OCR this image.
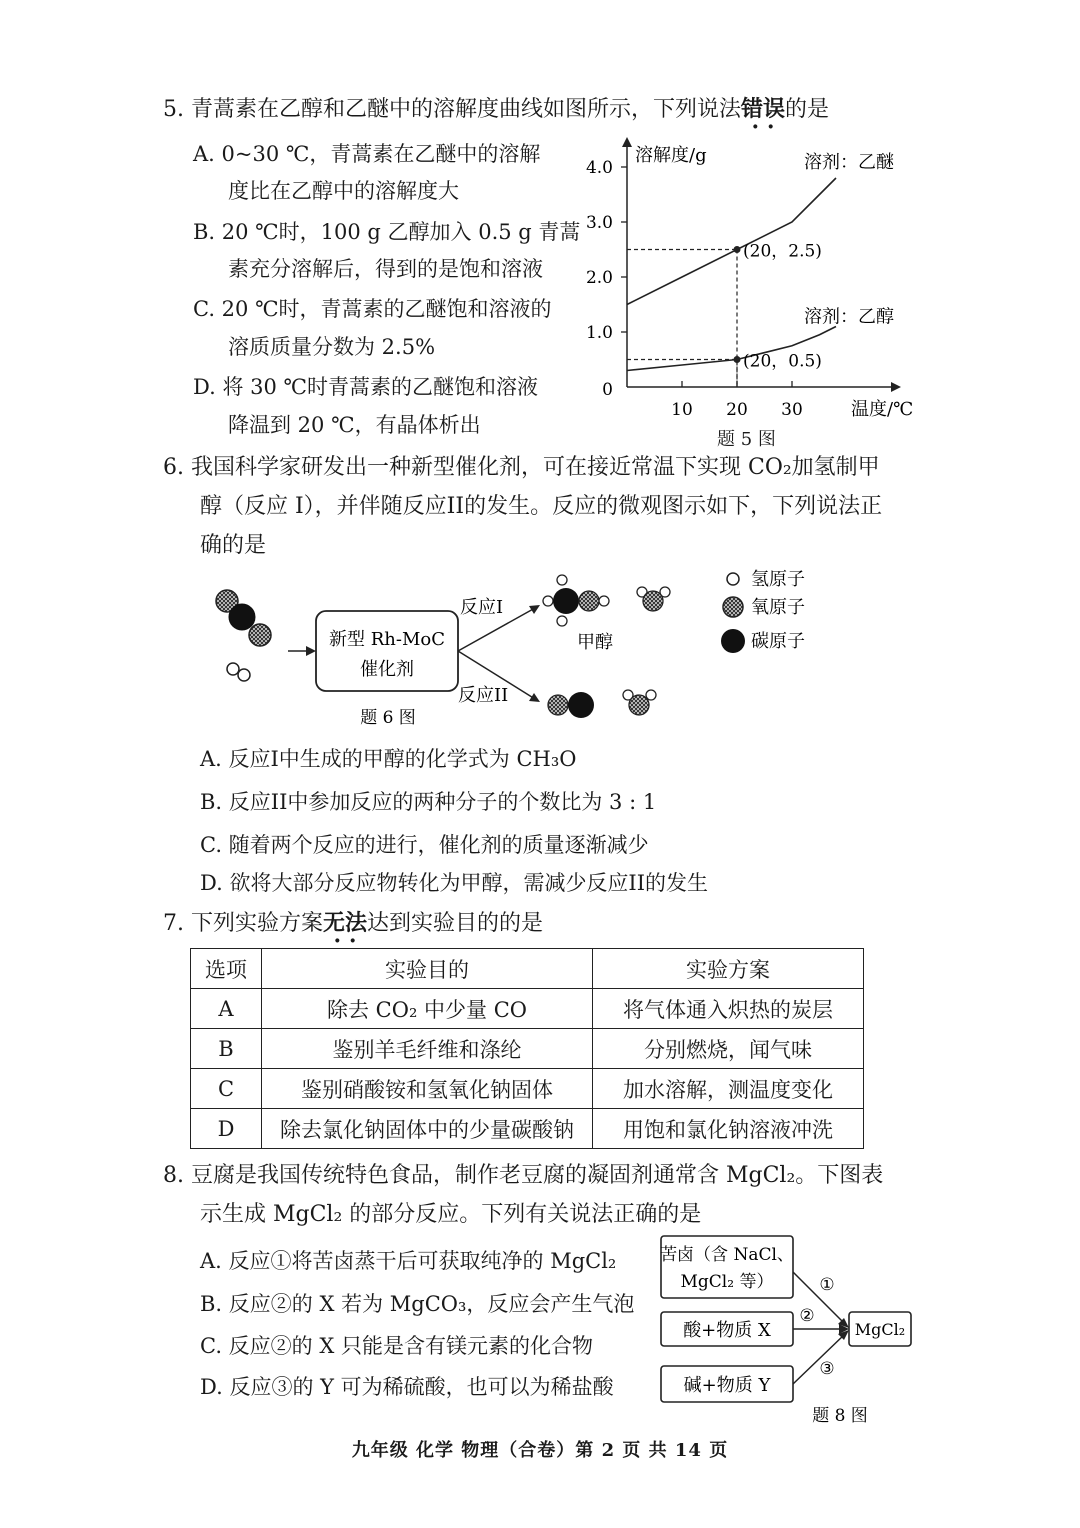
5. 青蒿素在乙醇和乙醚中的溶解度曲线如图所示，下列说法错误 · ·的是
A. 0~30 ℃，青蒿素在乙醚中的溶解
度比在乙醇中的溶解度大
B. 20 ℃时，100 g 乙醇加入 0.5 g 青蒿
素充分溶解后，得到的是饱和溶液
C. 20 ℃时，青蒿素的乙醚饱和溶液的
溶质质量分数为 2.5%
D. 将 30 ℃时青蒿素的乙醚饱和溶液
降温到 20 ℃，有晶体析出
溶解度/g
温度/℃
0
1.0
2.0
3.0
4.0
10 20 30
溶剂：乙醚
溶剂：乙醇
(20，2.5)
(20，0.5)
题 5 图
6. 我国科学家研发出一种新型催化剂，可在接近常温下实现 CO₂加氢制甲
醇（反应 I），并伴随反应II的发生。反应的微观图示如下，下列说法正
确的是
新型 Rh-MoC
催化剂
反应I
反应II
甲醇
氢原子
氧原子
碳原子
题 6 图
A. 反应I中生成的甲醇的化学式为 CH₃O
B. 反应II中参加反应的两种分子的个数比为 3 : 1
C. 随着两个反应的进行，催化剂的质量逐渐减少
D. 欲将大部分反应物转化为甲醇，需减少反应II的发生
7. 下列实验方案无法 · ·达到实验目的的是
选项	实验目的	实验方案
A	除去 CO₂ 中少量 CO	将气体通入炽热的炭层
B	鉴别羊毛纤维和涤纶	分别燃烧，闻气味
C	鉴别硝酸铵和氢氧化钠固体	加水溶解，测温度变化
D	除去氯化钠固体中的少量碳酸钠	用饱和氯化钠溶液冲洗
8. 豆腐是我国传统特色食品，制作老豆腐的凝固剂通常含 MgCl₂。下图表
示生成 MgCl₂ 的部分反应。下列有关说法正确的是
A. 反应①将苦卤蒸干后可获取纯净的 MgCl₂
B. 反应②的 X 若为 MgCO₃，反应会产生气泡
C. 反应②的 X 只能是含有镁元素的化合物
D. 反应③的 Y 可为稀硫酸，也可以为稀盐酸
苦卤（含 NaCl、
MgCl₂ 等）
酸+物质 X
碱+物质 Y
MgCl₂
①
②
③
题 8 图
九年级 化学 物理（合卷）第 2 页 共 14 页
